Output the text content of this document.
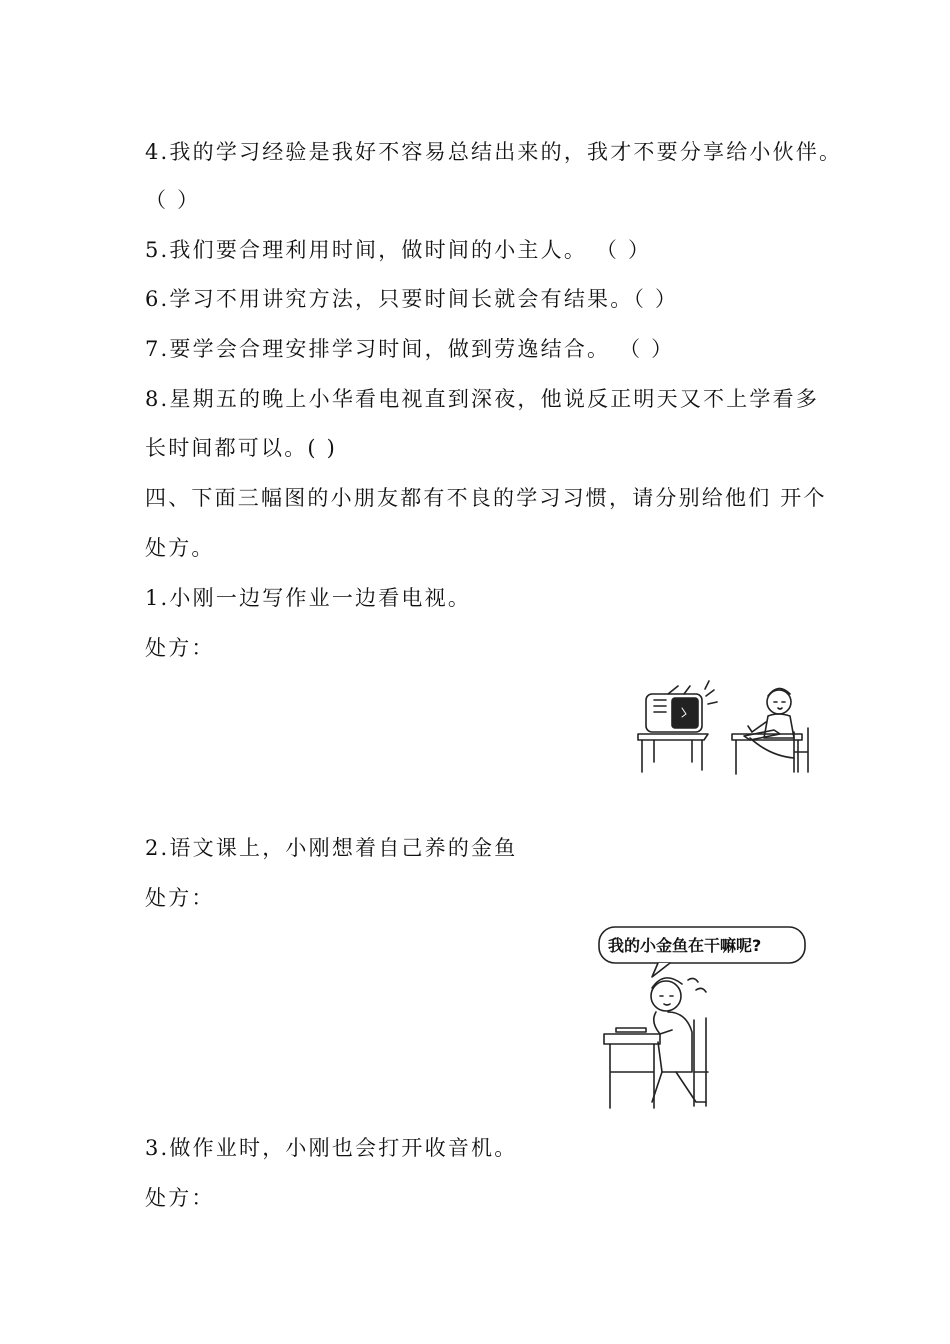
4.我的学习经验是我好不容易总结出来的，我才不要分享给小伙伴。
（ ）
5.我们要合理利用时间，做时间的小主人。 （ ）
6.学习不用讲究方法，只要时间长就会有结果。（ ）
7.要学会合理安排学习时间，做到劳逸结合。 （ ）
8.星期五的晚上小华看电视直到深夜，他说反正明天又不上学看多
长时间都可以。( )
四、下面三幅图的小朋友都有不良的学习习惯，请分别给他们 开个
处方。
1.小刚一边写作业一边看电视。
处方：
2.语文课上，小刚想着自己养的金鱼
处方：
我的小金鱼在干嘛呢?
3.做作业时，小刚也会打开收音机。
处方：
